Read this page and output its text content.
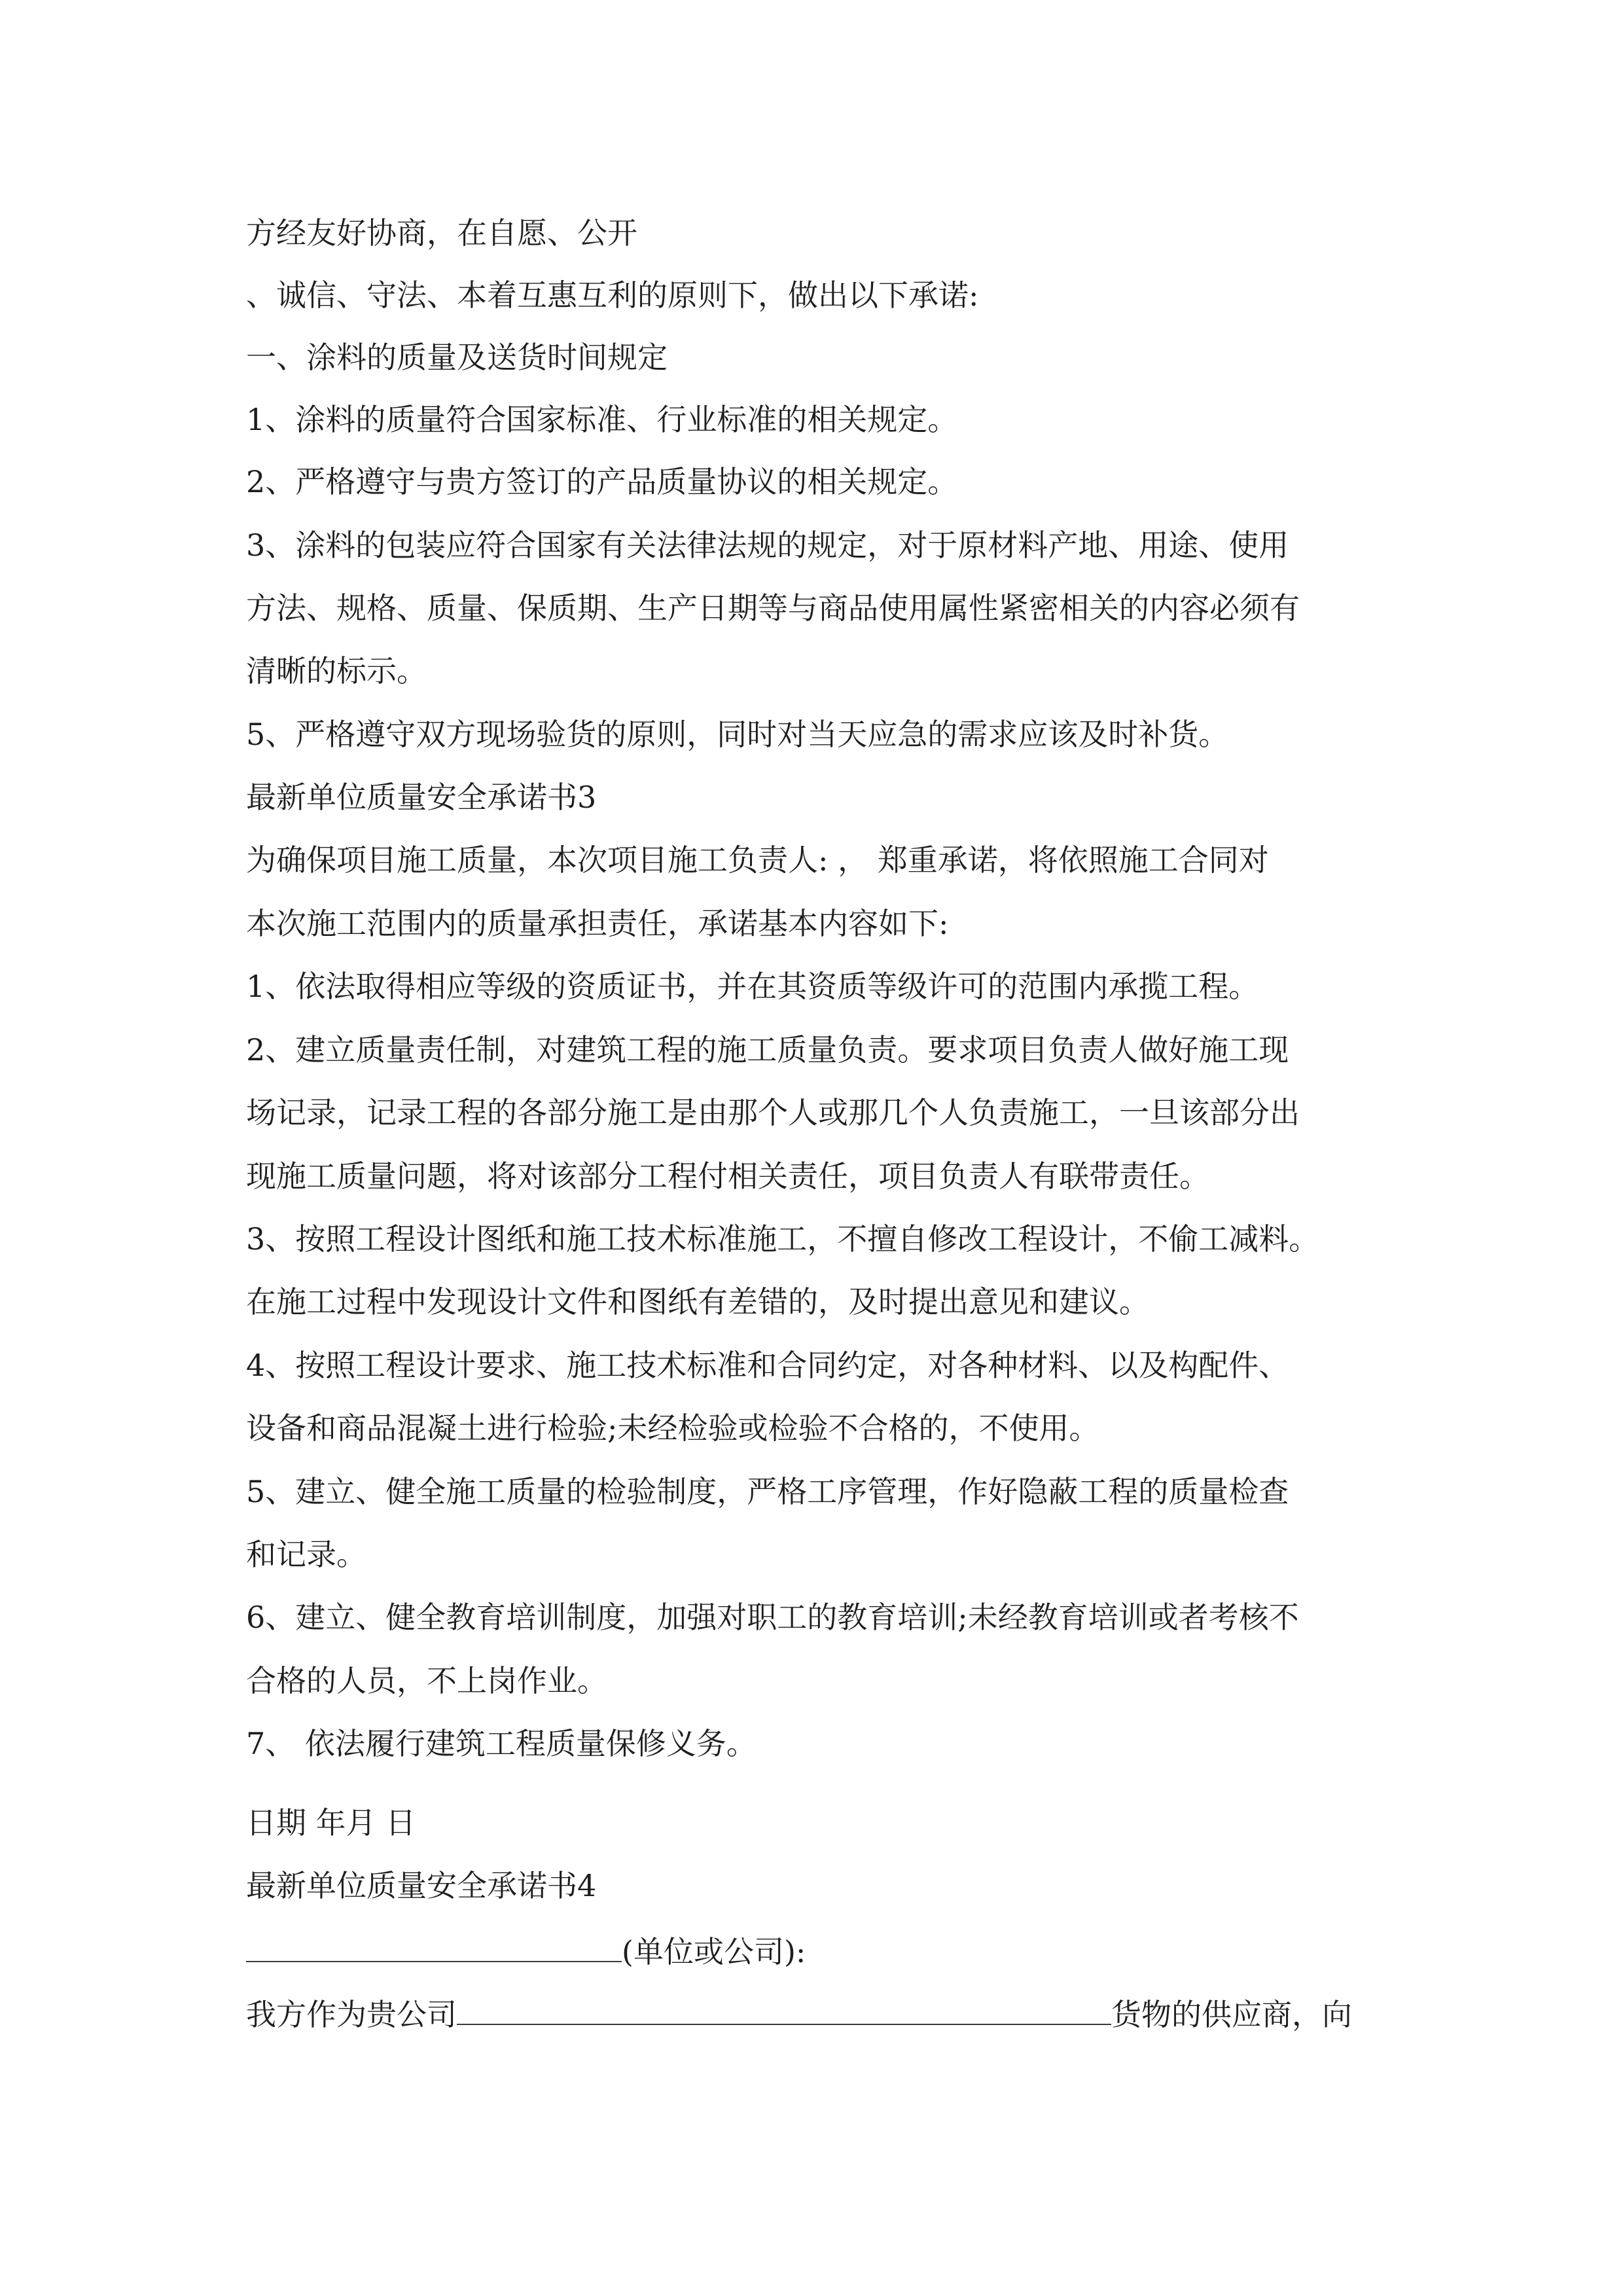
方经友好协商，在自愿、公开
、诚信、守法、本着互惠互利的原则下，做出以下承诺:
一、涂料的质量及送货时间规定
1、涂料的质量符合国家标准、行业标准的相关规定。
2、严格遵守与贵方签订的产品质量协议的相关规定。
3、涂料的包装应符合国家有关法律法规的规定，对于原材料产地、用途、使用
方法、规格、质量、保质期、生产日期等与商品使用属性紧密相关的内容必须有
清晰的标示。
5、严格遵守双方现场验货的原则，同时对当天应急的需求应该及时补货。
最新单位质量安全承诺书3
为确保项目施工质量，本次项目施工负责人: ， 郑重承诺，将依照施工合同对
本次施工范围内的质量承担责任，承诺基本内容如下:
1、依法取得相应等级的资质证书，并在其资质等级许可的范围内承揽工程。
2、建立质量责任制，对建筑工程的施工质量负责。要求项目负责人做好施工现
场记录，记录工程的各部分施工是由那个人或那几个人负责施工，一旦该部分出
现施工质量问题，将对该部分工程付相关责任，项目负责人有联带责任。
3、按照工程设计图纸和施工技术标准施工，不擅自修改工程设计，不偷工减料。
在施工过程中发现设计文件和图纸有差错的，及时提出意见和建议。
4、按照工程设计要求、施工技术标准和合同约定，对各种材料、以及构配件、
设备和商品混凝土进行检验;未经检验或检验不合格的，不使用。
5、建立、健全施工质量的检验制度，严格工序管理，作好隐蔽工程的质量检查
和记录。
6、建立、健全教育培训制度，加强对职工的教育培训;未经教育培训或者考核不
合格的人员，不上岗作业。
7、 依法履行建筑工程质量保修义务。
日期 年月 日
最新单位质量安全承诺书4
(单位或公司):
我方作为贵公司	货物的供应商，向
